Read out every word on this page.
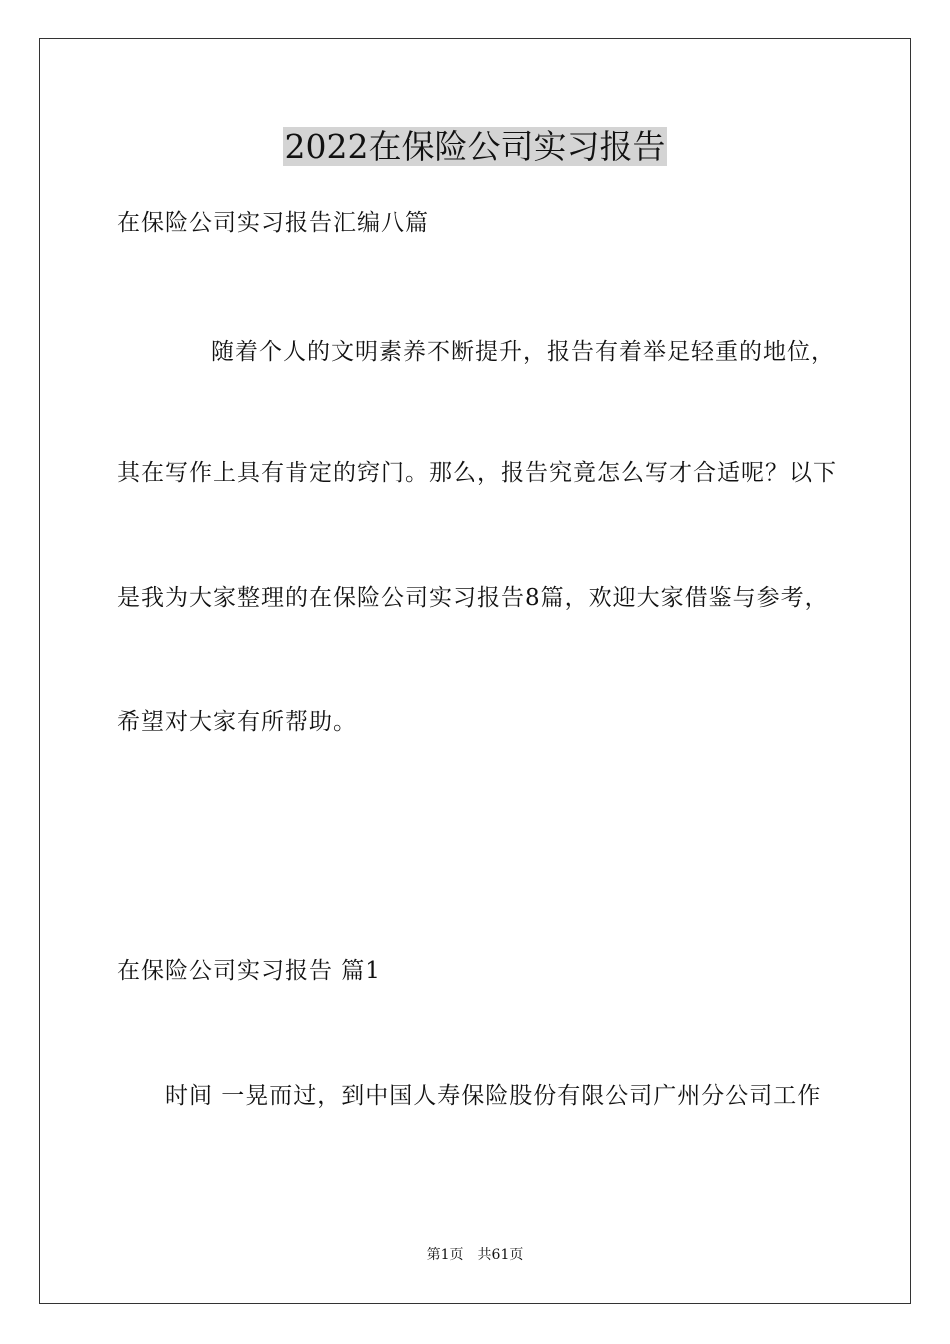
2022在保险公司实习报告
在保险公司实习报告汇编八篇
随着个人的文明素养不断提升，报告有着举足轻重的地位，
其在写作上具有肯定的窍门。那么，报告究竟怎么写才合适呢？以下
是我为大家整理的在保险公司实习报告8篇，欢迎大家借鉴与参考，
希望对大家有所帮助。
在保险公司实习报告 篇1
时间 一晃而过，到中国人寿保险股份有限公司广州分公司工作
第1页　共61页
